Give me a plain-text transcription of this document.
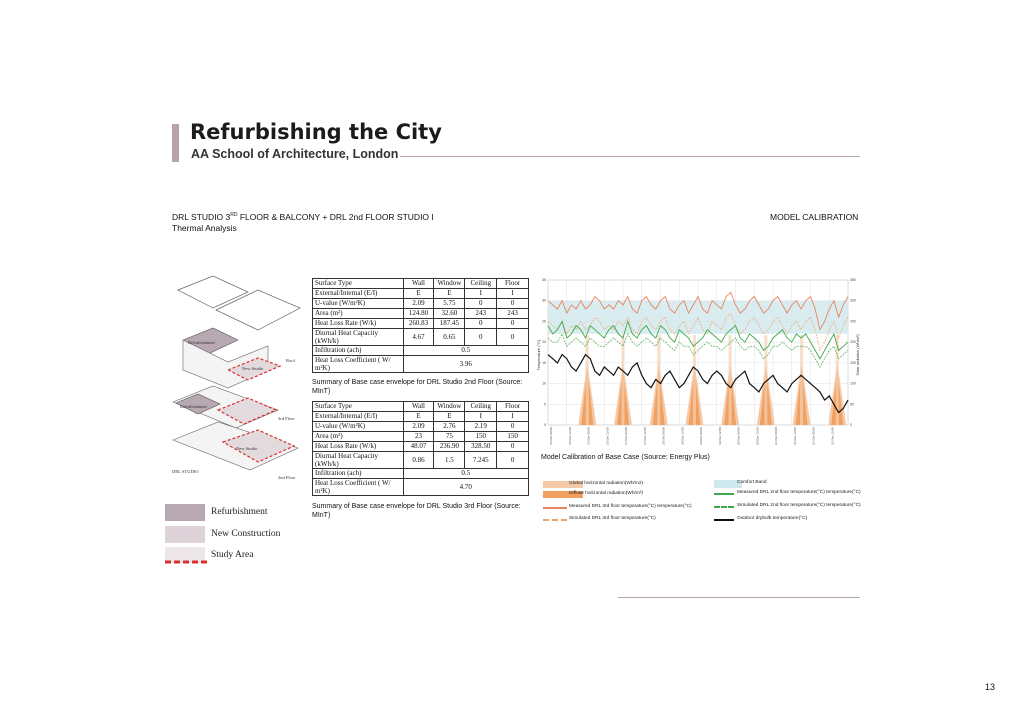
Refurbishing the City
AA School of Architecture, London
DRL STUDIO 3RD FLOOR & BALCONY + DRL 2nd FLOOR STUDIO I
Thermal Analysis
MODEL CALIBRATION
Refurbishment
New Studio
Roof
Refurbishment
3rd Floor
New Studio
2nd Floor
DRL STUDIO
Refurbishment
New Construction
Study Area
Surface Type	Wall	Window	Ceiling	Floor
External/Internal (E/I)	E	E	I	I
U-value (W/m²K)	2.09	5.75	0	0
Area (m²)	124.80	32.60	243	243
Heat Loss Rate (W/k)	260.83	187.45	0	0
Diurnal Heat Capacity (kWh/k)	4.67	0.65	0	0
Infiltration (ach)	0.5			
Heat Loss Coefficient ( W/ m²K)	3.96			
Summary of Base case envelope for DRL Studio 2nd Floor (Source: MInT)
Surface Type	Wall	Window	Ceiling	Floor
External/Internal (E/I)	E	E	I	I
U-value (W/m²K)	2.09	2.76	2.19	0
Area (m²)	23	75	150	150
Heat Loss Rate (W/k)	48.07	236.90	328.50	0
Diurnal Heat Capacity (kWh/k)	0.86	1.5	7.245	0
Infiltration (ach)	0.5			
Heat Loss Coefficient ( W/ m²K)	4.70			
Summary of Base case envelope for DRL Studio 3rd Floor (Source: MInT)
35
30
25
20
15
10
5
0
350
300
250
200
150
100
50
0
15 Dec 00:00	15 Dec 12:00	16 Dec 00:00	16 Dec 12:00	17 Dec 00:00	17 Dec 12:00	18 Dec 00:00	18 Dec 12:00	19 Dec 00:00	19 Dec 12:00	20 Dec 00:00	20 Dec 12:00	21 Dec 00:00	21 Dec 12:00	22 Dec 00:00	22 Dec 12:00
Temperature (°C)	Solar radiation (Wh/m²)
Model Calibration of Base Case (Source: Energy Plus)
Global horizontal radiation(Wh/m2)
Diffuse horizontal radiation(Wh/m²)
Measured DRL 3rd floor temperature(°C) temperature(°C)
Simulated DRL 3rd floor temperature(°C)
Comfort Band
Measured DRL 2nd floor temperature(°C) temperature(°C)
Simulated DRL 2nd floor temperature(°C) temperature(°C)
Outdoor drybulb temperature(°C)
13
